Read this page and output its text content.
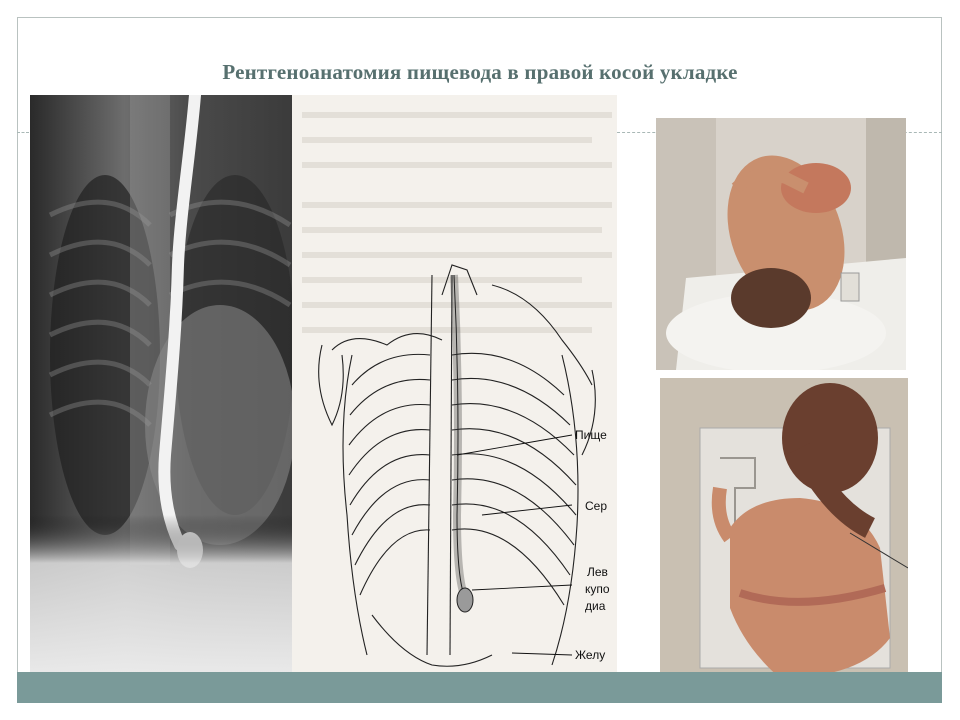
Рентгеноанатомия пищевода в правой косой укладке
Пище
Сер
Лев
купо
диа
Желу
